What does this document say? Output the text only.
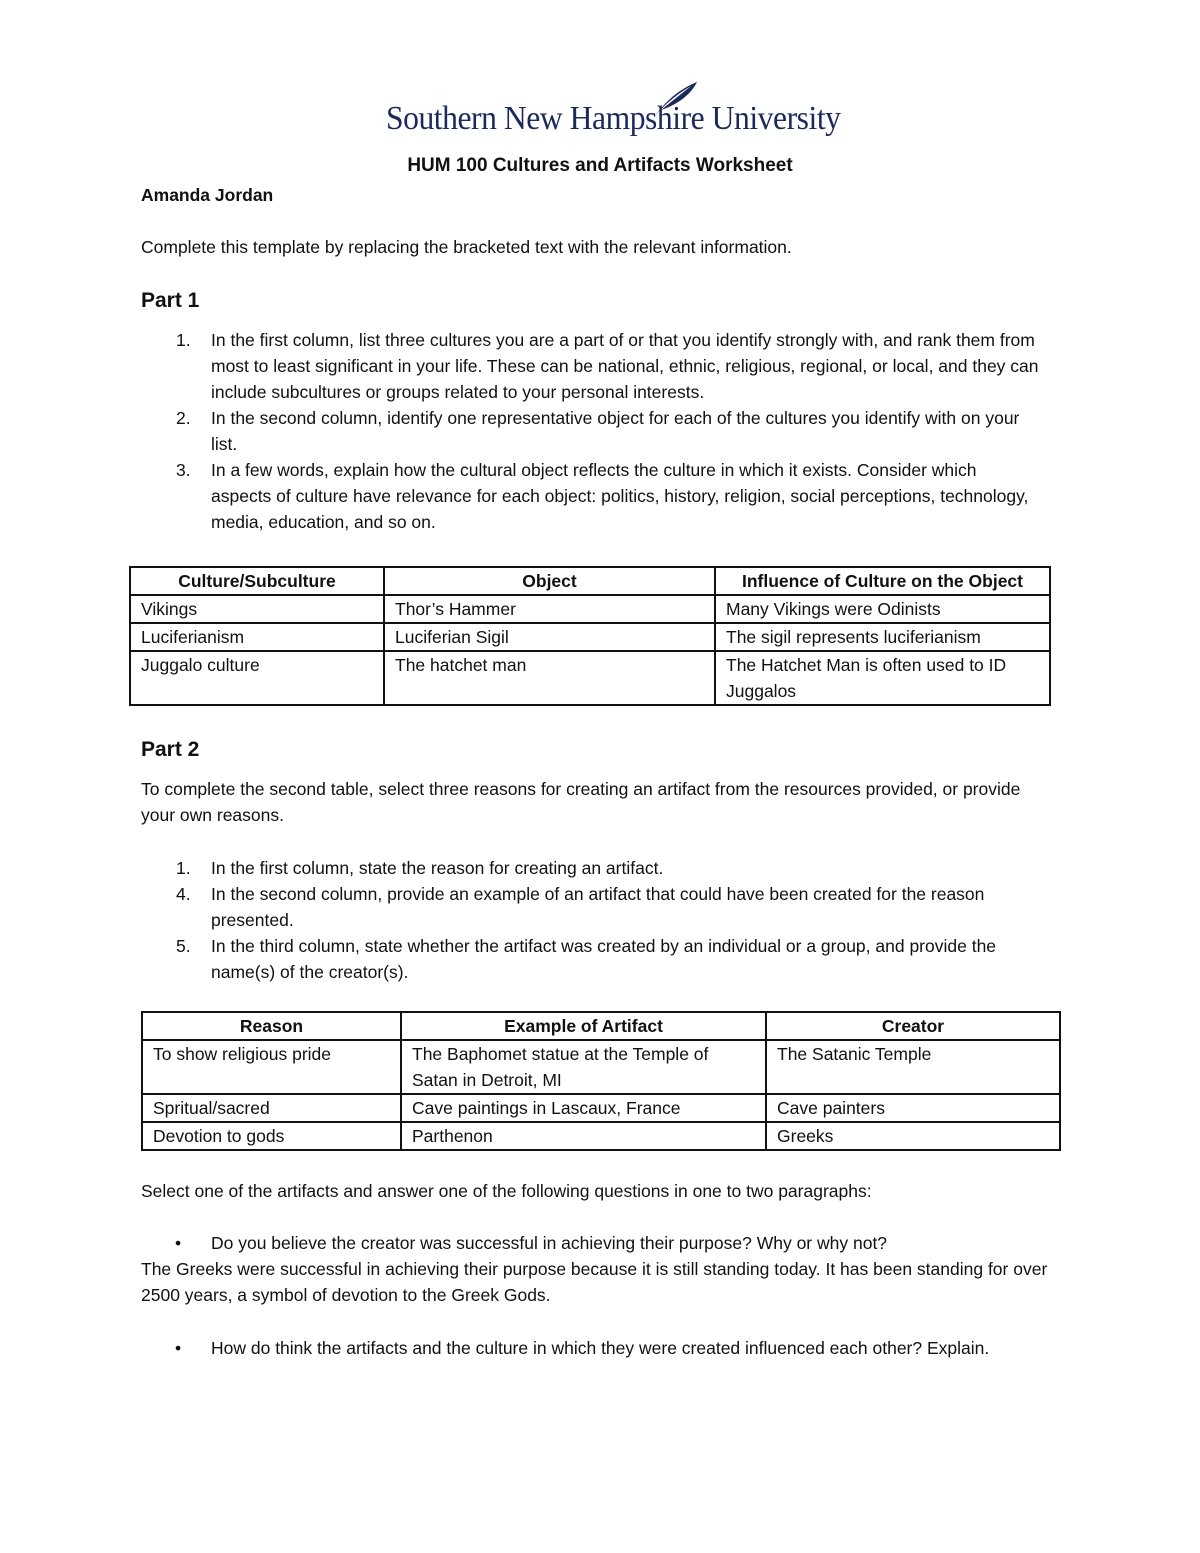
Southern New Hampshire University
HUM 100 Cultures and Artifacts Worksheet
Amanda Jordan
Complete this template by replacing the bracketed text with the relevant information.
Part 1
1. In the first column, list three cultures you are a part of or that you identify strongly with, and rank them from most to least significant in your life. These can be national, ethnic, religious, regional, or local, and they can include subcultures or groups related to your personal interests.
2. In the second column, identify one representative object for each of the cultures you identify with on your list.
3. In a few words, explain how the cultural object reflects the culture in which it exists. Consider which aspects of culture have relevance for each object: politics, history, religion, social perceptions, technology, media, education, and so on.
Culture/Subculture	Object	Influence of Culture on the Object
Vikings	Thor’s Hammer	Many Vikings were Odinists
Luciferianism	Luciferian Sigil	The sigil represents luciferianism
Juggalo culture	The hatchet man	The Hatchet Man is often used to ID Juggalos
Part 2
To complete the second table, select three reasons for creating an artifact from the resources provided, or provide your own reasons.
1. In the first column, state the reason for creating an artifact.
4. In the second column, provide an example of an artifact that could have been created for the reason presented.
5. In the third column, state whether the artifact was created by an individual or a group, and provide the name(s) of the creator(s).
Reason	Example of Artifact	Creator
To show religious pride	The Baphomet statue at the Temple of Satan in Detroit, MI	The Satanic Temple
Spritual/sacred	Cave paintings in Lascaux, France	Cave painters
Devotion to gods	Parthenon	Greeks
Select one of the artifacts and answer one of the following questions in one to two paragraphs:
• Do you believe the creator was successful in achieving their purpose? Why or why not?
The Greeks were successful in achieving their purpose because it is still standing today. It has been standing for over 2500 years, a symbol of devotion to the Greek Gods.
• How do think the artifacts and the culture in which they were created influenced each other? Explain.
